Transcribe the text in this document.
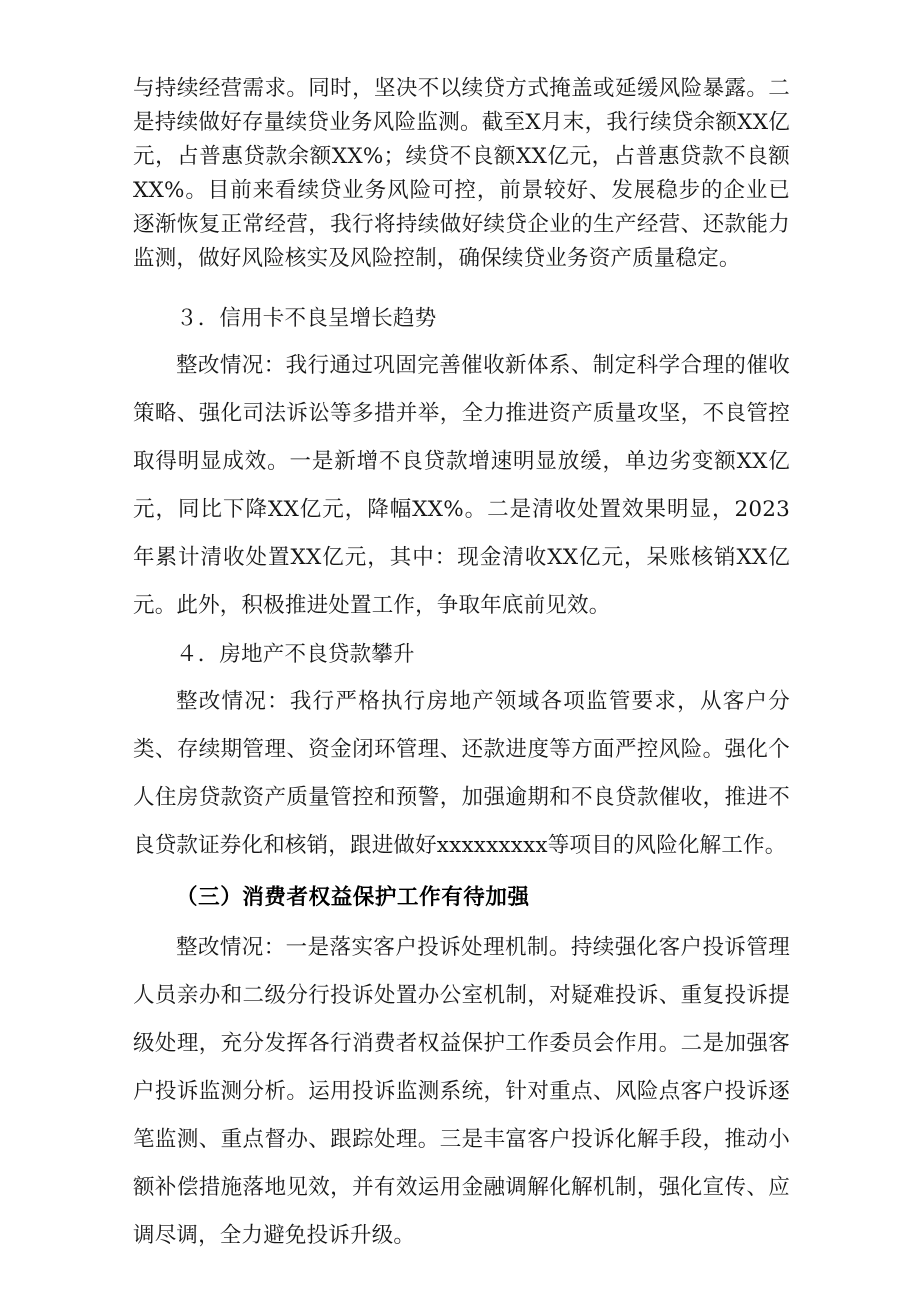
与持续经营需求。同时，坚决不以续贷方式掩盖或延缓风险暴露。二是持续做好存量续贷业务风险监测。截至X月末，我行续贷余额XX亿元，占普惠贷款余额XX%；续贷不良额XX亿元，占普惠贷款不良额XX%。目前来看续贷业务风险可控，前景较好、发展稳步的企业已逐渐恢复正常经营，我行将持续做好续贷企业的生产经营、还款能力监测，做好风险核实及风险控制，确保续贷业务资产质量稳定。

３．信用卡不良呈增长趋势

整改情况：我行通过巩固完善催收新体系、制定科学合理的催收策略、强化司法诉讼等多措并举，全力推进资产质量攻坚，不良管控取得明显成效。一是新增不良贷款增速明显放缓，单边劣变额XX亿元，同比下降XX亿元，降幅XX%。二是清收处置效果明显，2023年累计清收处置XX亿元，其中：现金清收XX亿元，呆账核销XX亿元。此外，积极推进处置工作，争取年底前见效。

４．房地产不良贷款攀升

整改情况：我行严格执行房地产领域各项监管要求，从客户分类、存续期管理、资金闭环管理、还款进度等方面严控风险。强化个人住房贷款资产质量管控和预警，加强逾期和不良贷款催收，推进不良贷款证券化和核销，跟进做好xxxxxxxxx等项目的风险化解工作。

（三）消费者权益保护工作有待加强

整改情况：一是落实客户投诉处理机制。持续强化客户投诉管理人员亲办和二级分行投诉处置办公室机制，对疑难投诉、重复投诉提级处理，充分发挥各行消费者权益保护工作委员会作用。二是加强客户投诉监测分析。运用投诉监测系统，针对重点、风险点客户投诉逐笔监测、重点督办、跟踪处理。三是丰富客户投诉化解手段，推动小额补偿措施落地见效，并有效运用金融调解化解机制，强化宣传、应调尽调，全力避免投诉升级。
